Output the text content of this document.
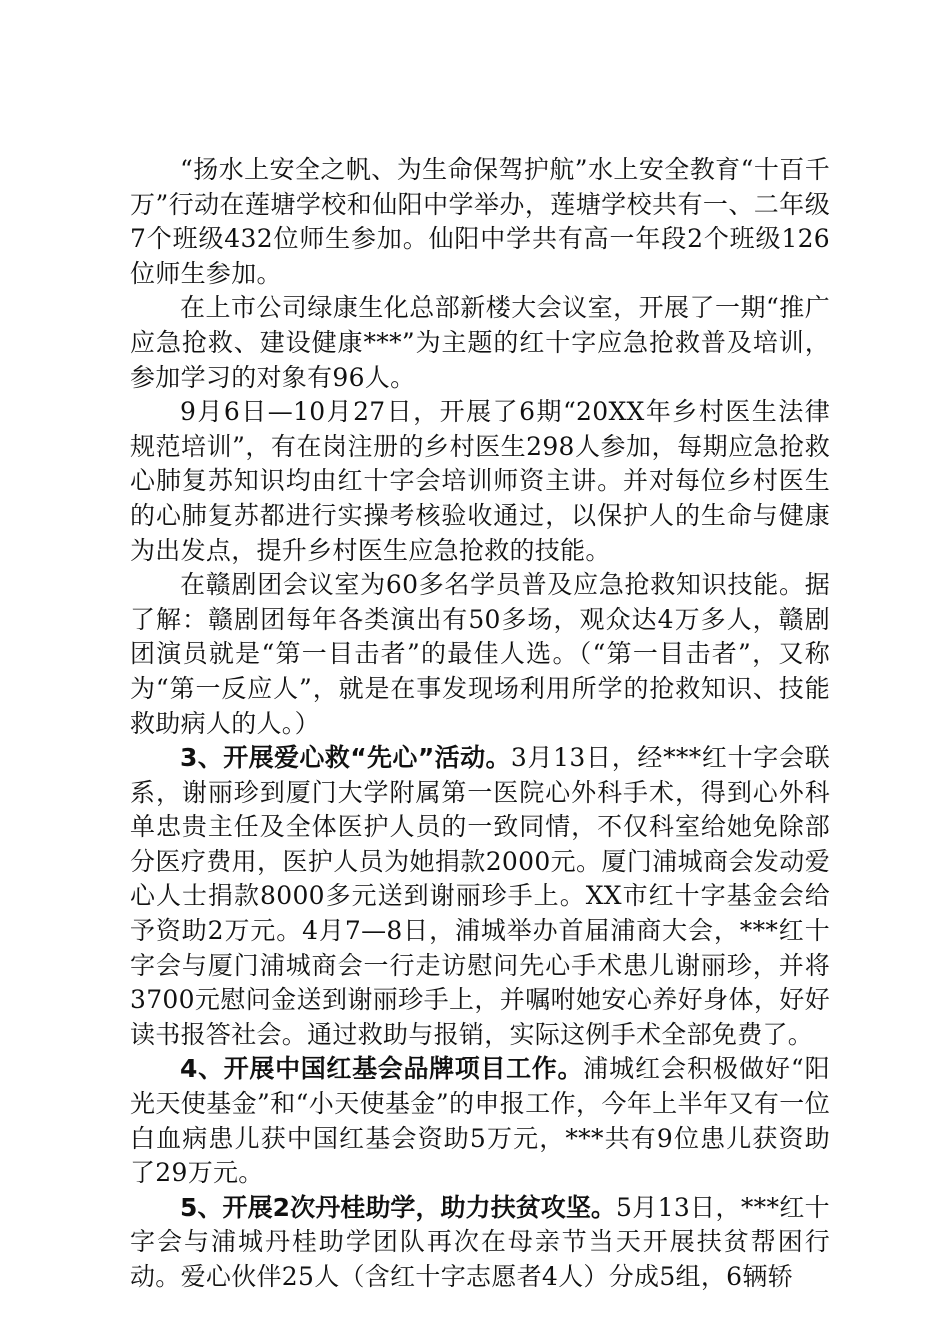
“扬水上安全之帆、为生命保驾护航”水上安全教育“十百千万”行动在莲塘学校和仙阳中学举办，莲塘学校共有一、二年级7个班级432位师生参加。仙阳中学共有高一年段2个班级126位师生参加。

在上市公司绿康生化总部新楼大会议室，开展了一期“推广应急抢救、建设健康***”为主题的红十字应急抢救普及培训，参加学习的对象有96人。

9月6日—10月27日，开展了6期“20XX年乡村医生法律规范培训”，有在岗注册的乡村医生298人参加，每期应急抢救心肺复苏知识均由红十字会培训师资主讲。并对每位乡村医生的心肺复苏都进行实操考核验收通过，以保护人的生命与健康为出发点，提升乡村医生应急抢救的技能。

在赣剧团会议室为60多名学员普及应急抢救知识技能。据了解：赣剧团每年各类演出有50多场，观众达4万多人，赣剧团演员就是“第一目击者”的最佳人选。（“第一目击者”，又称为“第一反应人”，就是在事发现场利用所学的抢救知识、技能救助病人的人。）

3、开展爱心救“先心”活动。3月13日，经***红十字会联系，谢丽珍到厦门大学附属第一医院心外科手术，得到心外科单忠贵主任及全体医护人员的一致同情，不仅科室给她免除部分医疗费用，医护人员为她捐款2000元。厦门浦城商会发动爱心人士捐款8000多元送到谢丽珍手上。XX市红十字基金会给予资助2万元。4月7—8日，浦城举办首届浦商大会，***红十字会与厦门浦城商会一行走访慰问先心手术患儿谢丽珍，并将3700元慰问金送到谢丽珍手上，并嘱咐她安心养好身体，好好读书报答社会。通过救助与报销，实际这例手术全部免费了。

4、开展中国红基会品牌项目工作。浦城红会积极做好“阳光天使基金”和“小天使基金”的申报工作，今年上半年又有一位白血病患儿获中国红基会资助5万元，***共有9位患儿获资助了29万元。

5、开展2次丹桂助学，助力扶贫攻坚。5月13日，***红十字会与浦城丹桂助学团队再次在母亲节当天开展扶贫帮困行动。爱心伙伴25人（含红十字志愿者4人）分成5组，6辆轿
